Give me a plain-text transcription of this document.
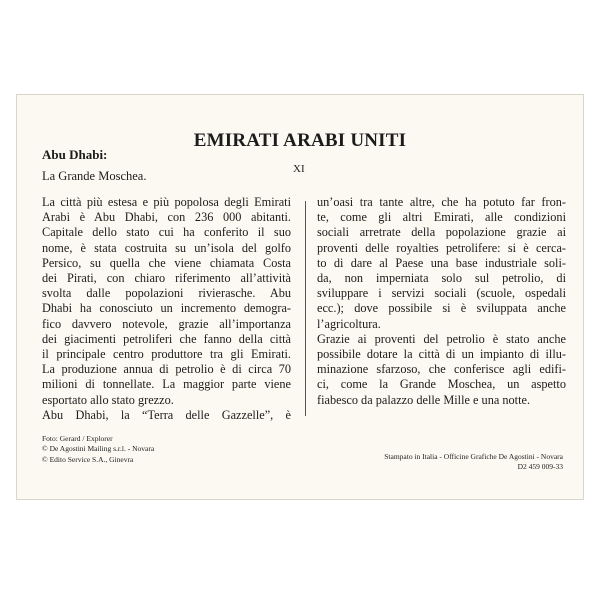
EMIRATI ARABI UNITI
Abu Dhabi:
La Grande Moschea.	XI
La città più estesa e più popolosa degli Emirati
Arabi è Abu Dhabi, con 236 000 abitanti.
Capitale dello stato cui ha conferito il suo
nome, è stata costruita su un’isola del golfo
Persico, su quella che viene chiamata Costa
dei Pirati, con chiaro riferimento all’attività
svolta dalle popolazioni rivierasche. Abu
Dhabi ha conosciuto un incremento demogra-
fico davvero notevole, grazie all’importanza
dei giacimenti petroliferi che fanno della città
il principale centro produttore tra gli Emirati.
La produzione annua di petrolio è di circa 70
milioni di tonnellate. La maggior parte viene
esportato allo stato grezzo.
Abu Dhabi, la “Terra delle Gazzelle”, è
un’oasi tra tante altre, che ha potuto far fron-
te, come gli altri Emirati, alle condizioni
sociali arretrate della popolazione grazie ai
proventi delle royalties petrolifere: si è cerca-
to di dare al Paese una base industriale soli-
da, non imperniata solo sul petrolio, di
sviluppare i servizi sociali (scuole, ospedali
ecc.); dove possibile si è sviluppata anche
l’agricoltura.
Grazie ai proventi del petrolio è stato anche
possibile dotare la città di un impianto di illu-
minazione sfarzoso, che conferisce agli edifi-
ci, come la Grande Moschea, un aspetto
fiabesco da palazzo delle Mille e una notte.
Foto: Gerard / Explorer
© De Agostini Mailing s.r.l. - Novara
© Edito Service S.A., Ginevra	Stampato in Italia - Officine Grafiche De Agostini - Novara
D2 459 009-33
